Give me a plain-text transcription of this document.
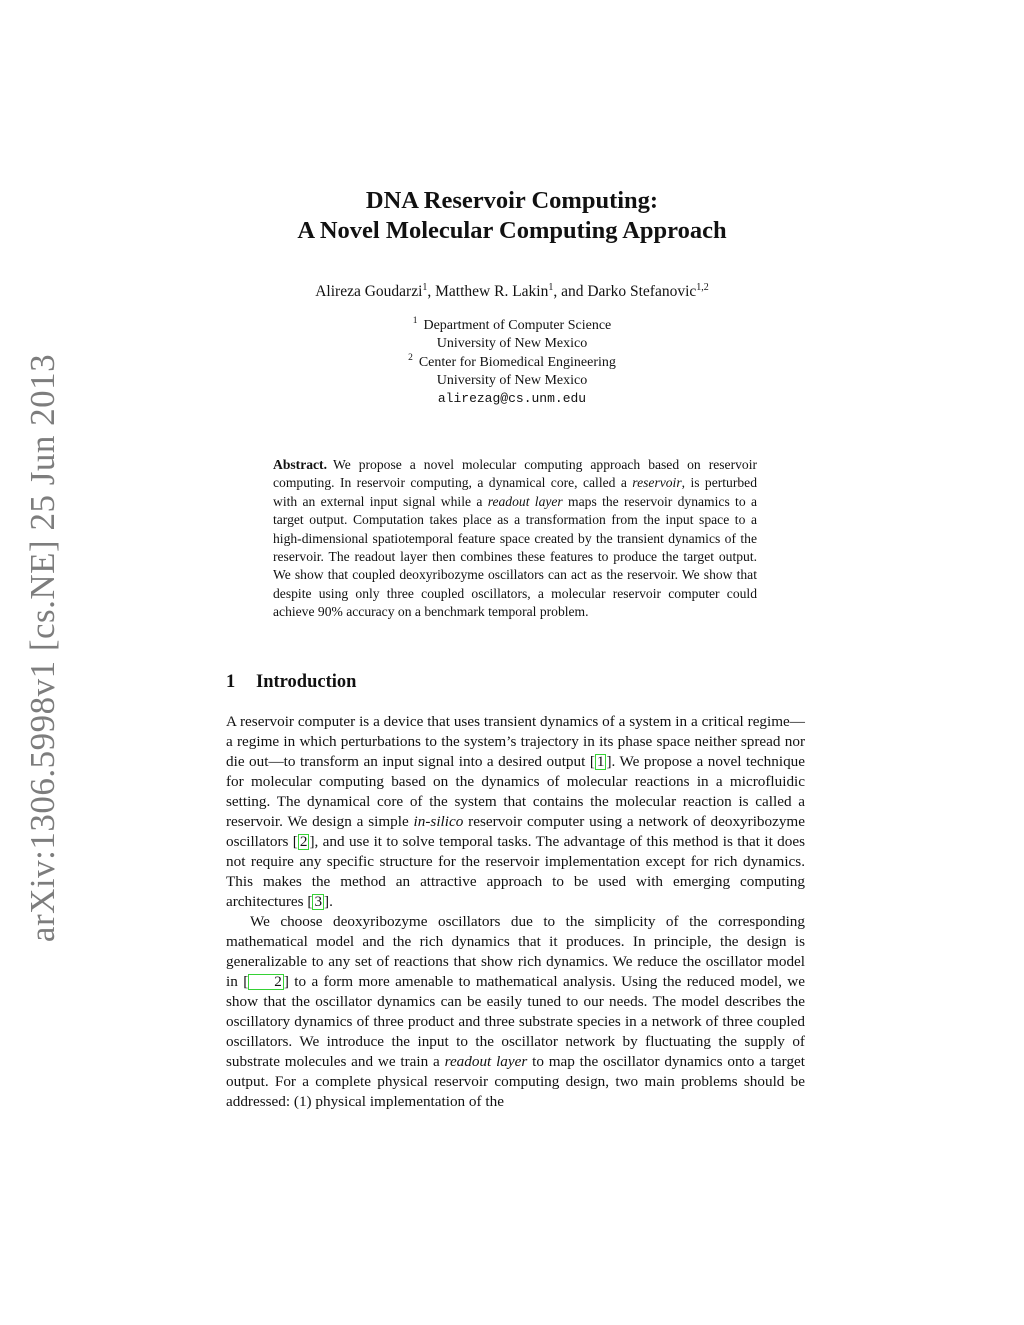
arXiv:1306.5998v1 [cs.NE] 25 Jun 2013
DNA Reservoir Computing:
A Novel Molecular Computing Approach
Alireza Goudarzi$^1$, Matthew R. Lakin$^1$, and Darko Stefanovic$^{1,2}$
$^1$ Department of Computer Science
University of New Mexico
$^2$ Center for Biomedical Engineering
University of New Mexico
alirezag@cs.unm.edu
Abstract. We propose a novel molecular computing approach based on reservoir computing. In reservoir computing, a dynamical core, called a reservoir, is perturbed with an external input signal while a readout layer maps the reservoir dynamics to a target output. Computation takes place as a transformation from the input space to a high-dimensional spatiotemporal feature space created by the transient dynamics of the reservoir. The readout layer then combines these features to produce the target output. We show that coupled deoxyribozyme oscillators can act as the reservoir. We show that despite using only three coupled oscillators, a molecular reservoir computer could achieve 90% accuracy on a benchmark temporal problem.
1 Introduction

A reservoir computer is a device that uses transient dynamics of a system in a critical regime—a regime in which perturbations to the system’s trajectory in its phase space neither spread nor die out—to transform an input signal into a desired output [ 1 ]. We propose a novel technique for molecular computing based on the dynamics of molecular reactions in a microfluidic setting. The dynamical core of the system that contains the molecular reaction is called a reservoir. We design a simple in-silico reservoir computer using a network of deoxyribozyme oscillators [ 2 ], and use it to solve temporal tasks. The advantage of this method is that it does not require any specific structure for the reservoir implementation except for rich dynamics. This makes the method an attractive approach to be used with emerging computing architectures [ 3 ].

We choose deoxyribozyme oscillators due to the simplicity of the corresponding mathematical model and the rich dynamics that it produces. In principle, the design is generalizable to any set of reactions that show rich dynamics. We reduce the oscillator model in [ 2 ] to a form more amenable to mathematical analysis. Using the reduced model, we show that the oscillator dynamics can be easily tuned to our needs. The model describes the oscillatory dynamics of three product and three substrate species in a network of three coupled oscillators. We introduce the input to the oscillator network by fluctuating the supply of substrate molecules and we train a readout layer to map the oscillator dynamics onto a target output. For a complete physical reservoir computing design, two main problems should be addressed: (1) physical implementation of the
